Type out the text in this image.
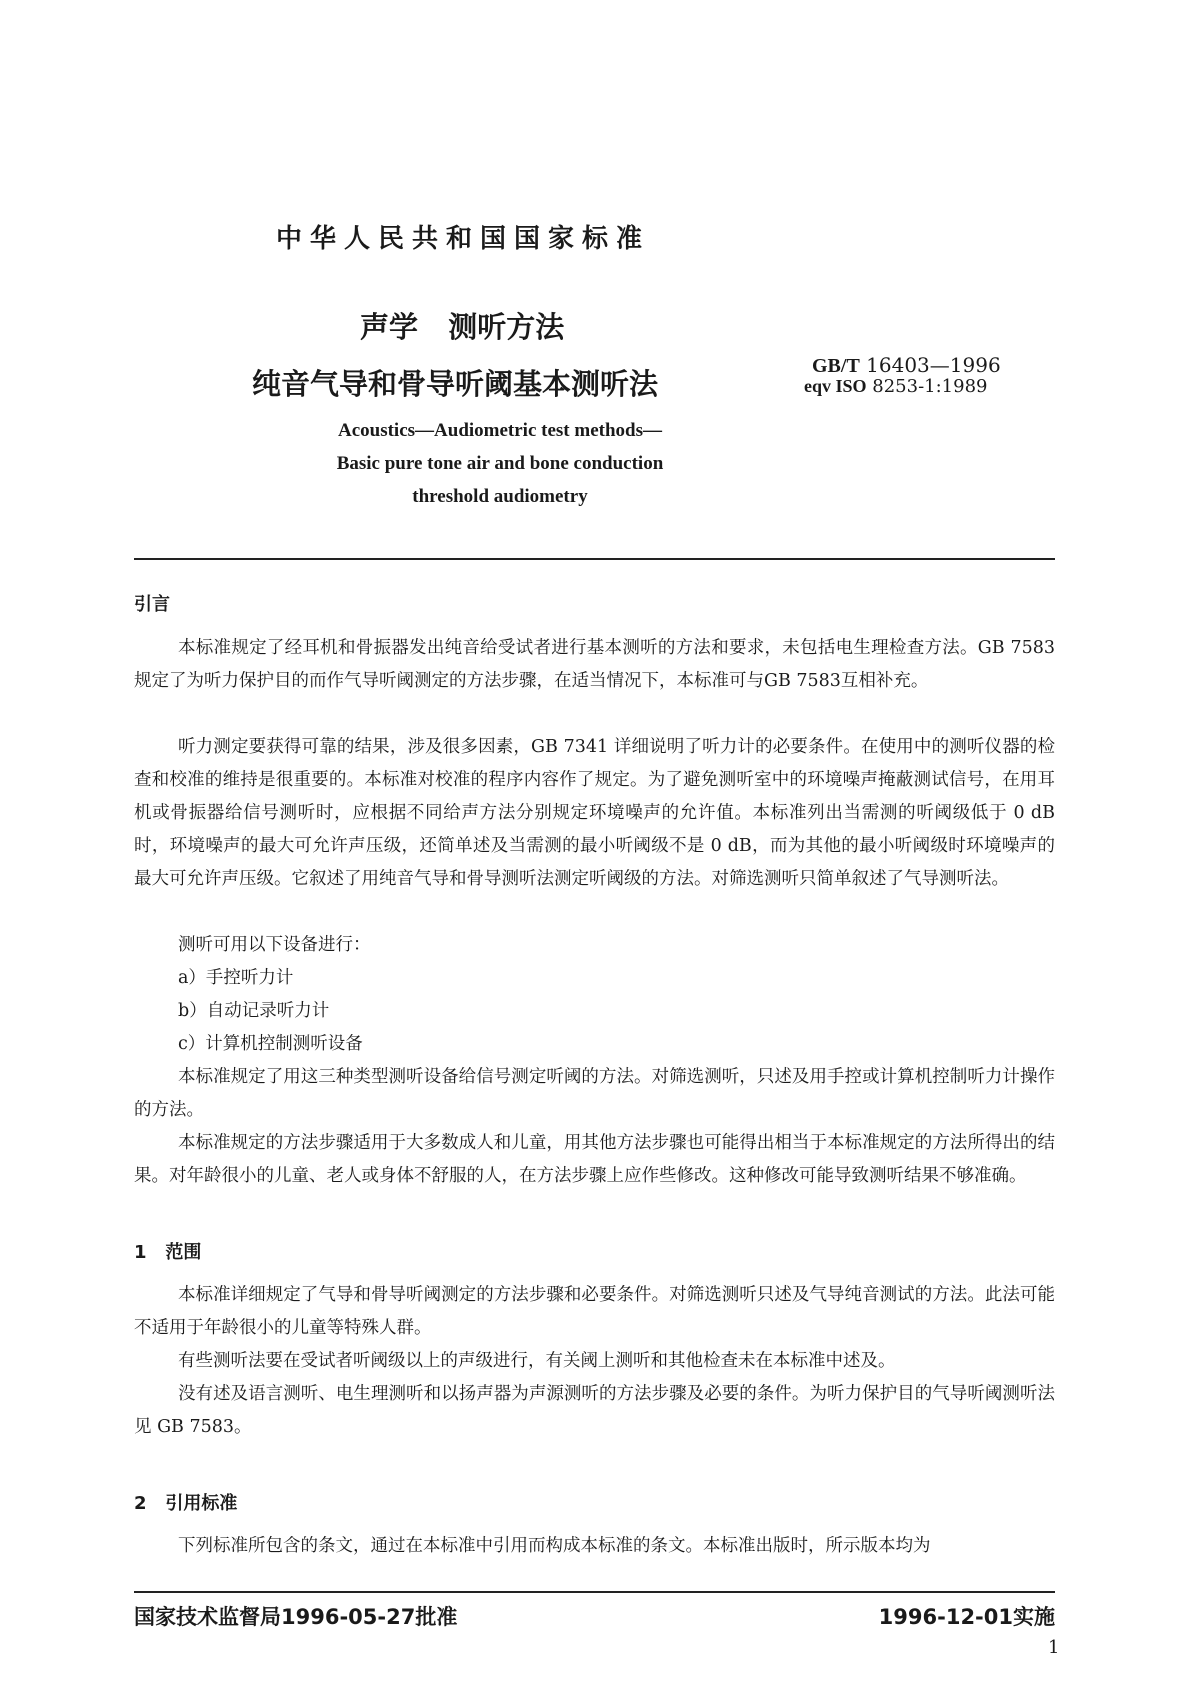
中华人民共和国国家标准
声学   测听方法
纯音气导和骨导听阈基本测听法
GB/T 16403—1996
eqv ISO 8253-1:1989
Acoustics—Audiometric test methods—
Basic pure tone air and bone conduction
threshold audiometry
引言

本标准规定了经耳机和骨振器发出纯音给受试者进行基本测听的方法和要求，未包括电生理检查方法。GB 7583 规定了为听力保护目的而作气导听阈测定的方法步骤，在适当情况下，本标准可与GB 7583互相补充。

听力测定要获得可靠的结果，涉及很多因素，GB 7341 详细说明了听力计的必要条件。在使用中的测听仪器的检查和校准的维持是很重要的。本标准对校准的程序内容作了规定。为了避免测听室中的环境噪声掩蔽测试信号，在用耳机或骨振器给信号测听时，应根据不同给声方法分别规定环境噪声的允许值。本标准列出当需测的听阈级低于 0 dB 时，环境噪声的最大可允许声压级，还简单述及当需测的最小听阈级不是 0 dB，而为其他的最小听阈级时环境噪声的最大可允许声压级。它叙述了用纯音气导和骨导测听法测定听阈级的方法。对筛选测听只简单叙述了气导测听法。

测听可用以下设备进行：

a）手控听力计
b）自动记录听力计
c）计算机控制测听设备

本标准规定了用这三种类型测听设备给信号测定听阈的方法。对筛选测听，只述及用手控或计算机控制听力计操作的方法。

本标准规定的方法步骤适用于大多数成人和儿童，用其他方法步骤也可能得出相当于本标准规定的方法所得出的结果。对年龄很小的儿童、老人或身体不舒服的人，在方法步骤上应作些修改。这种修改可能导致测听结果不够准确。

1   范围

本标准详细规定了气导和骨导听阈测定的方法步骤和必要条件。对筛选测听只述及气导纯音测试的方法。此法可能不适用于年龄很小的儿童等特殊人群。

有些测听法要在受试者听阈级以上的声级进行，有关阈上测听和其他检查未在本标准中述及。

没有述及语言测听、电生理测听和以扬声器为声源测听的方法步骤及必要的条件。为听力保护目的气导听阈测听法见 GB 7583。

2   引用标准

下列标准所包含的条文，通过在本标准中引用而构成本标准的条文。本标准出版时，所示版本均为

国家技术监督局1996-05-27批准	1996-12-01实施
1
